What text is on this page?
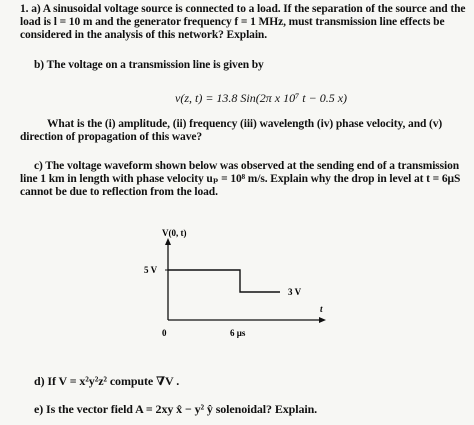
1. a) A sinusoidal voltage source is connected to a load. If the separation of the source and the
load is l = 10 m and the generator frequency f = 1 MHz, must transmission line effects be
considered in the analysis of this network? Explain.
b) The voltage on a transmission line is given by
v(z, t) = 13.8 Sin(2π x 10⁷ t − 0.5 x)
What is the (i) amplitude, (ii) frequency (iii) wavelength (iv) phase velocity, and (v)
direction of propagation of this wave?
c) The voltage waveform shown below was observed at the sending end of a transmission
line 1 km in length with phase velocity uₚ = 10⁸ m/s. Explain why the drop in level at t = 6μS
cannot be due to reflection from the load.
V(0, t)
5 V
3 V
0	6 μs
t
d) If V = x²y²z² compute ∇V .
e) Is the vector field A = 2xy x̂ − y² ŷ solenoidal? Explain.
